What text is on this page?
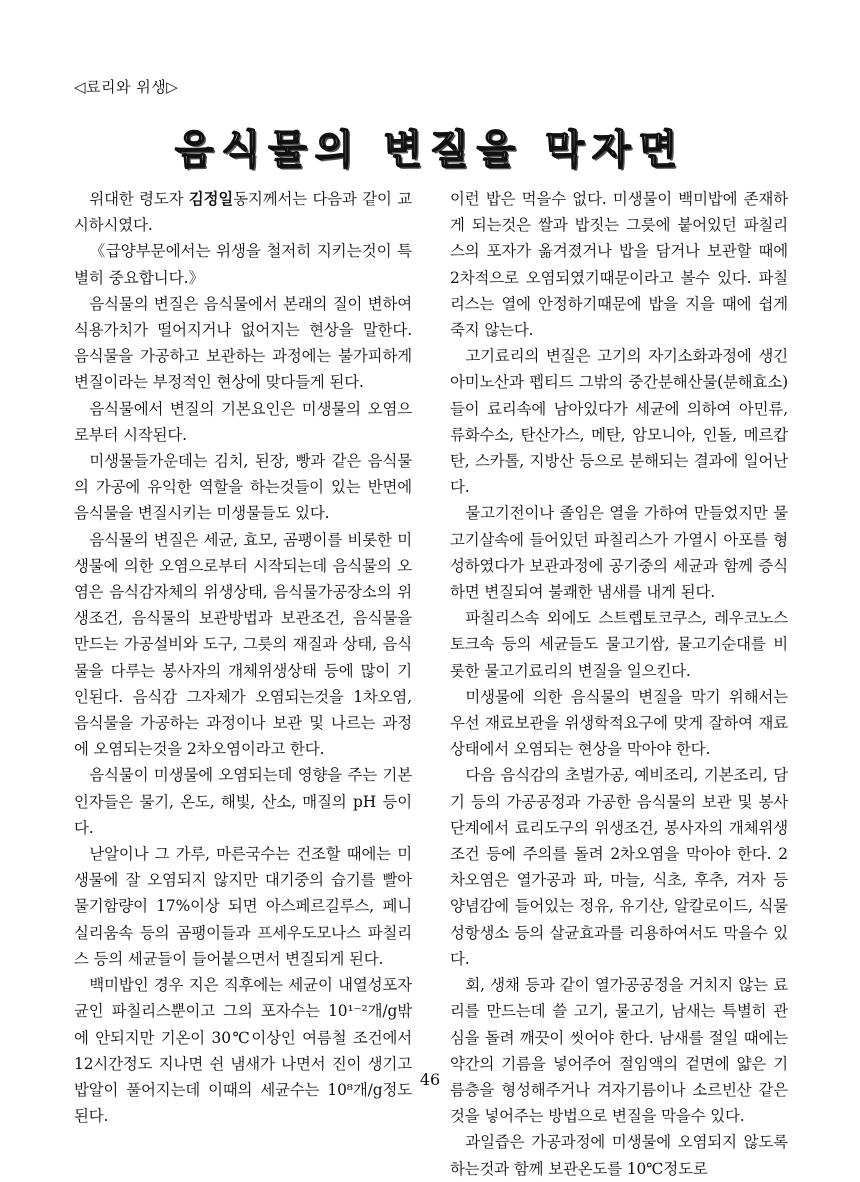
◁료리와 위생▷
음식물의 변질을 막자면

위대한 령도자 김정일동지께서는 다음과 같이 교시하시였다.

《급양부문에서는 위생을 철저히 지키는것이 특별히 중요합니다.》

음식물의 변질은 음식물에서 본래의 질이 변하여 식용가치가 떨어지거나 없어지는 현상을 말한다. 음식물을 가공하고 보관하는 과정에는 불가피하게 변질이라는 부정적인 현상에 맞다들게 된다.

음식물에서 변질의 기본요인은 미생물의 오염으로부터 시작된다.

미생물들가운데는 김치, 된장, 빵과 같은 음식물의 가공에 유익한 역할을 하는것들이 있는 반면에 음식물을 변질시키는 미생물들도 있다.

음식물의 변질은 세균, 효모, 곰팽이를 비롯한 미생물에 의한 오염으로부터 시작되는데 음식물의 오염은 음식감자체의 위생상태, 음식물가공장소의 위생조건, 음식물의 보관방법과 보관조건, 음식물을 만드는 가공설비와 도구, 그릇의 재질과 상태, 음식물을 다루는 봉사자의 개체위생상태 등에 많이 기인된다. 음식감 그자체가 오염되는것을 1차오염, 음식물을 가공하는 과정이나 보관 및 나르는 과정에 오염되는것을 2차오염이라고 한다.

음식물이 미생물에 오염되는데 영향을 주는 기본인자들은 물기, 온도, 해빛, 산소, 매질의 pH 등이다.

낟알이나 그 가루, 마른국수는 건조할 때에는 미생물에 잘 오염되지 않지만 대기중의 습기를 빨아 물기함량이 17%이상 되면 아스페르길루스, 페니실리움속 등의 곰팽이들과 프세우도모나스 파칠리스 등의 세균들이 들어붙으면서 변질되게 된다.

백미밥인 경우 지은 직후에는 세균이 내열성포자균인 파칠리스뿐이고 그의 포자수는 10¹⁻²개/g밖에 안되지만 기온이 30℃이상인 여름철 조건에서 12시간정도 지나면 쉰 냄새가 나면서 진이 생기고 밥알이 풀어지는데 이때의 세균수는 10⁸개/g정도 된다.

이런 밥은 먹을수 없다. 미생물이 백미밥에 존재하게 되는것은 쌀과 밥짓는 그릇에 붙어있던 파칠리스의 포자가 옮겨졌거나 밥을 담거나 보관할 때에 2차적으로 오염되였기때문이라고 볼수 있다. 파칠리스는 열에 안정하기때문에 밥을 지을 때에 쉽게 죽지 않는다.

고기료리의 변질은 고기의 자기소화과정에 생긴 아미노산과 펩티드 그밖의 중간분해산물(분해효소)들이 료리속에 남아있다가 세균에 의하여 아민류, 류화수소, 탄산가스, 메탄, 암모니아, 인돌, 메르캅탄, 스카톨, 지방산 등으로 분해되는 결과에 일어난다.

물고기전이나 졸임은 열을 가하여 만들었지만 물고기살속에 들어있던 파칠리스가 가열시 아포를 형성하였다가 보관과정에 공기중의 세균과 함께 증식하면 변질되여 불쾌한 냄새를 내게 된다.

파칠리스속 외에도 스트렙토코쿠스, 레우코노스토크속 등의 세균들도 물고기쌈, 물고기순대를 비롯한 물고기료리의 변질을 일으킨다.

미생물에 의한 음식물의 변질을 막기 위해서는 우선 재료보관을 위생학적요구에 맞게 잘하여 재료상태에서 오염되는 현상을 막아야 한다.

다음 음식감의 초벌가공, 예비조리, 기본조리, 담기 등의 가공공정과 가공한 음식물의 보관 및 봉사단계에서 료리도구의 위생조건, 봉사자의 개체위생조건 등에 주의를 돌려 2차오염을 막아야 한다. 2차오염은 열가공과 파, 마늘, 식초, 후추, 겨자 등 양념감에 들어있는 정유, 유기산, 알칼로이드, 식물성항생소 등의 살균효과를 리용하여서도 막을수 있다.

회, 생채 등과 같이 열가공공정을 거치지 않는 료리를 만드는데 쓸 고기, 물고기, 남새는 특별히 관심을 돌려 깨끗이 씻어야 한다. 남새를 절일 때에는 약간의 기름을 넣어주어 절임액의 겉면에 얇은 기름층을 형성해주거나 겨자기름이나 소르빈산 같은것을 넣어주는 방법으로 변질을 막을수 있다.

과일즙은 가공과정에 미생물에 오염되지 않도록 하는것과 함께 보관온도를 10℃정도로

46
